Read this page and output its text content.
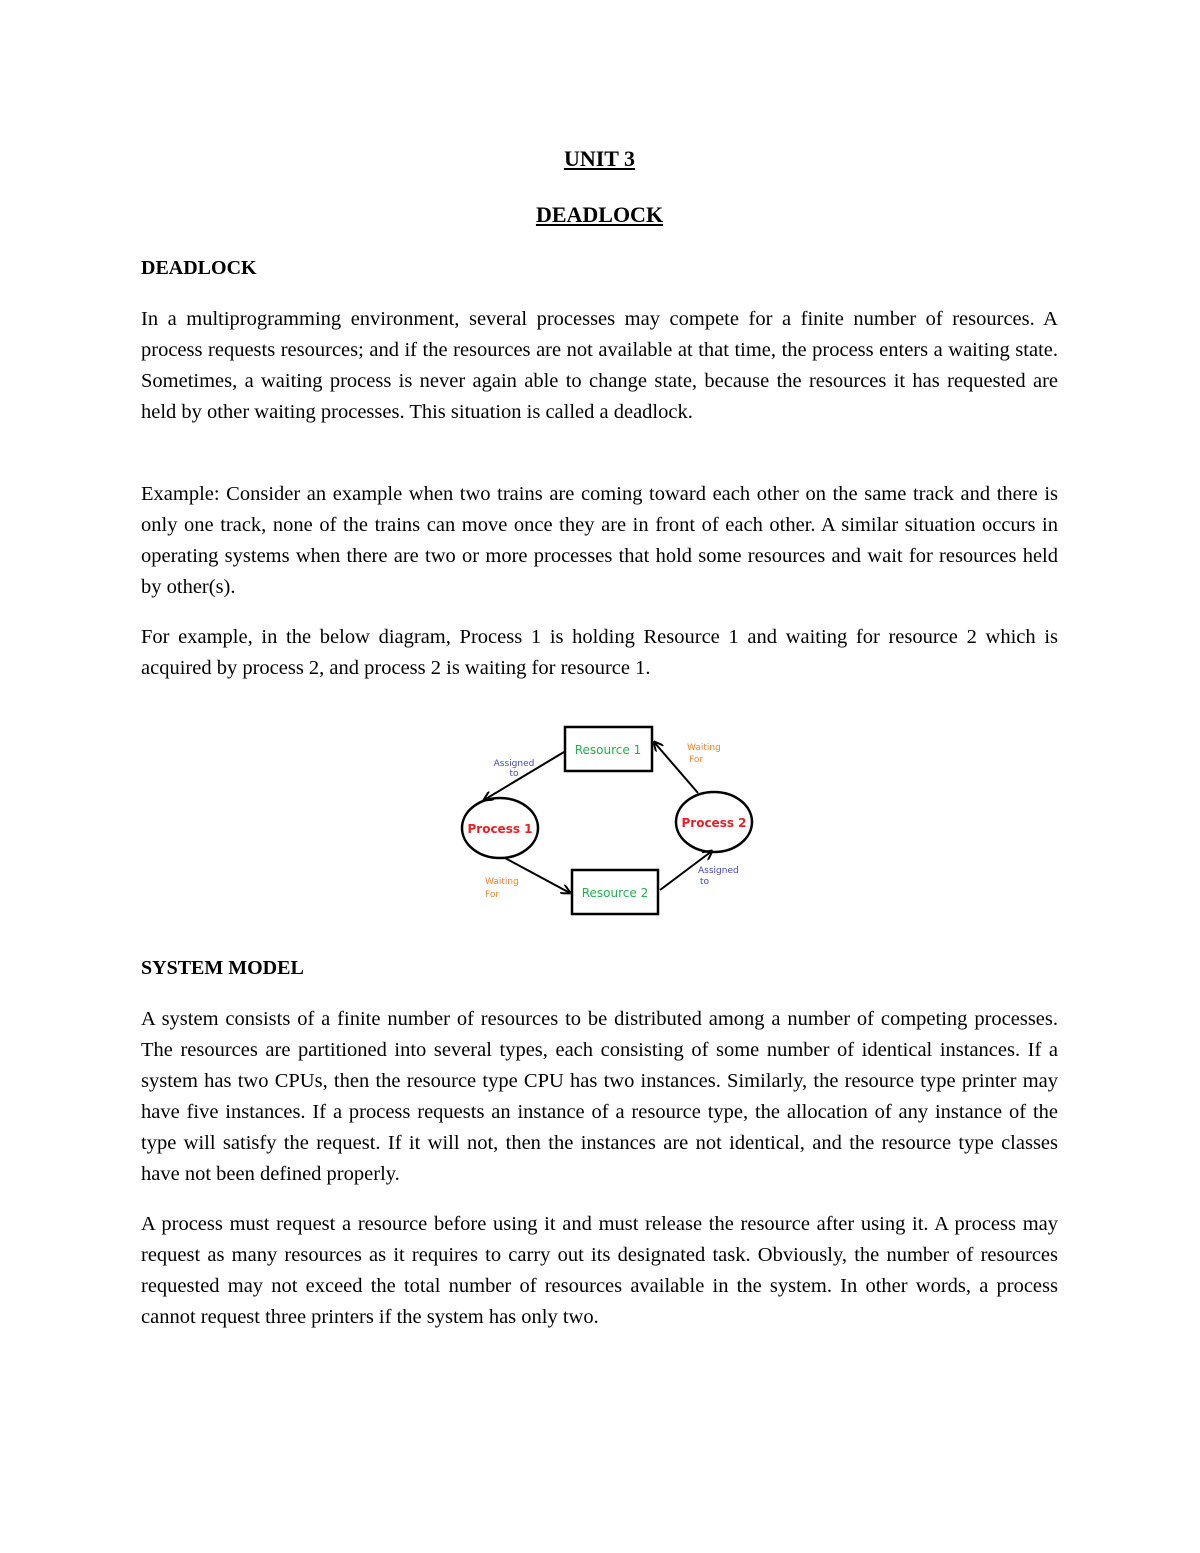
UNIT 3
DEADLOCK
DEADLOCK

In a multiprogramming environment, several processes may compete for a finite number of resources. A process requests resources; and if the resources are not available at that time, the process enters a waiting state. Sometimes, a waiting process is never again able to change state, because the resources it has requested are held by other waiting processes. This situation is called a deadlock.

Example: Consider an example when two trains are coming toward each other on the same track and there is only one track, none of the trains can move once they are in front of each other. A similar situation occurs in operating systems when there are two or more processes that hold some resources and wait for resources held by other(s).

For example, in the below diagram, Process 1 is holding Resource 1 and waiting for resource 2 which is acquired by process 2, and process 2 is waiting for resource 1.

SYSTEM MODEL

A system consists of a finite number of resources to be distributed among a number of competing processes. The resources are partitioned into several types, each consisting of some number of identical instances. If a system has two CPUs, then the resource type CPU has two instances. Similarly, the resource type printer may have five instances. If a process requests an instance of a resource type, the allocation of any instance of the type will satisfy the request. If it will not, then the instances are not identical, and the resource type classes have not been defined properly.

A process must request a resource before using it and must release the resource after using it. A process may request as many resources as it requires to carry out its designated task. Obviously, the number of resources requested may not exceed the total number of resources available in the system. In other words, a process cannot request three printers if the system has only two.

Resource 1
Resource 2
Process 1	Process 2
Assigned
to
Waiting
For
Waiting
For
Assigned
to
